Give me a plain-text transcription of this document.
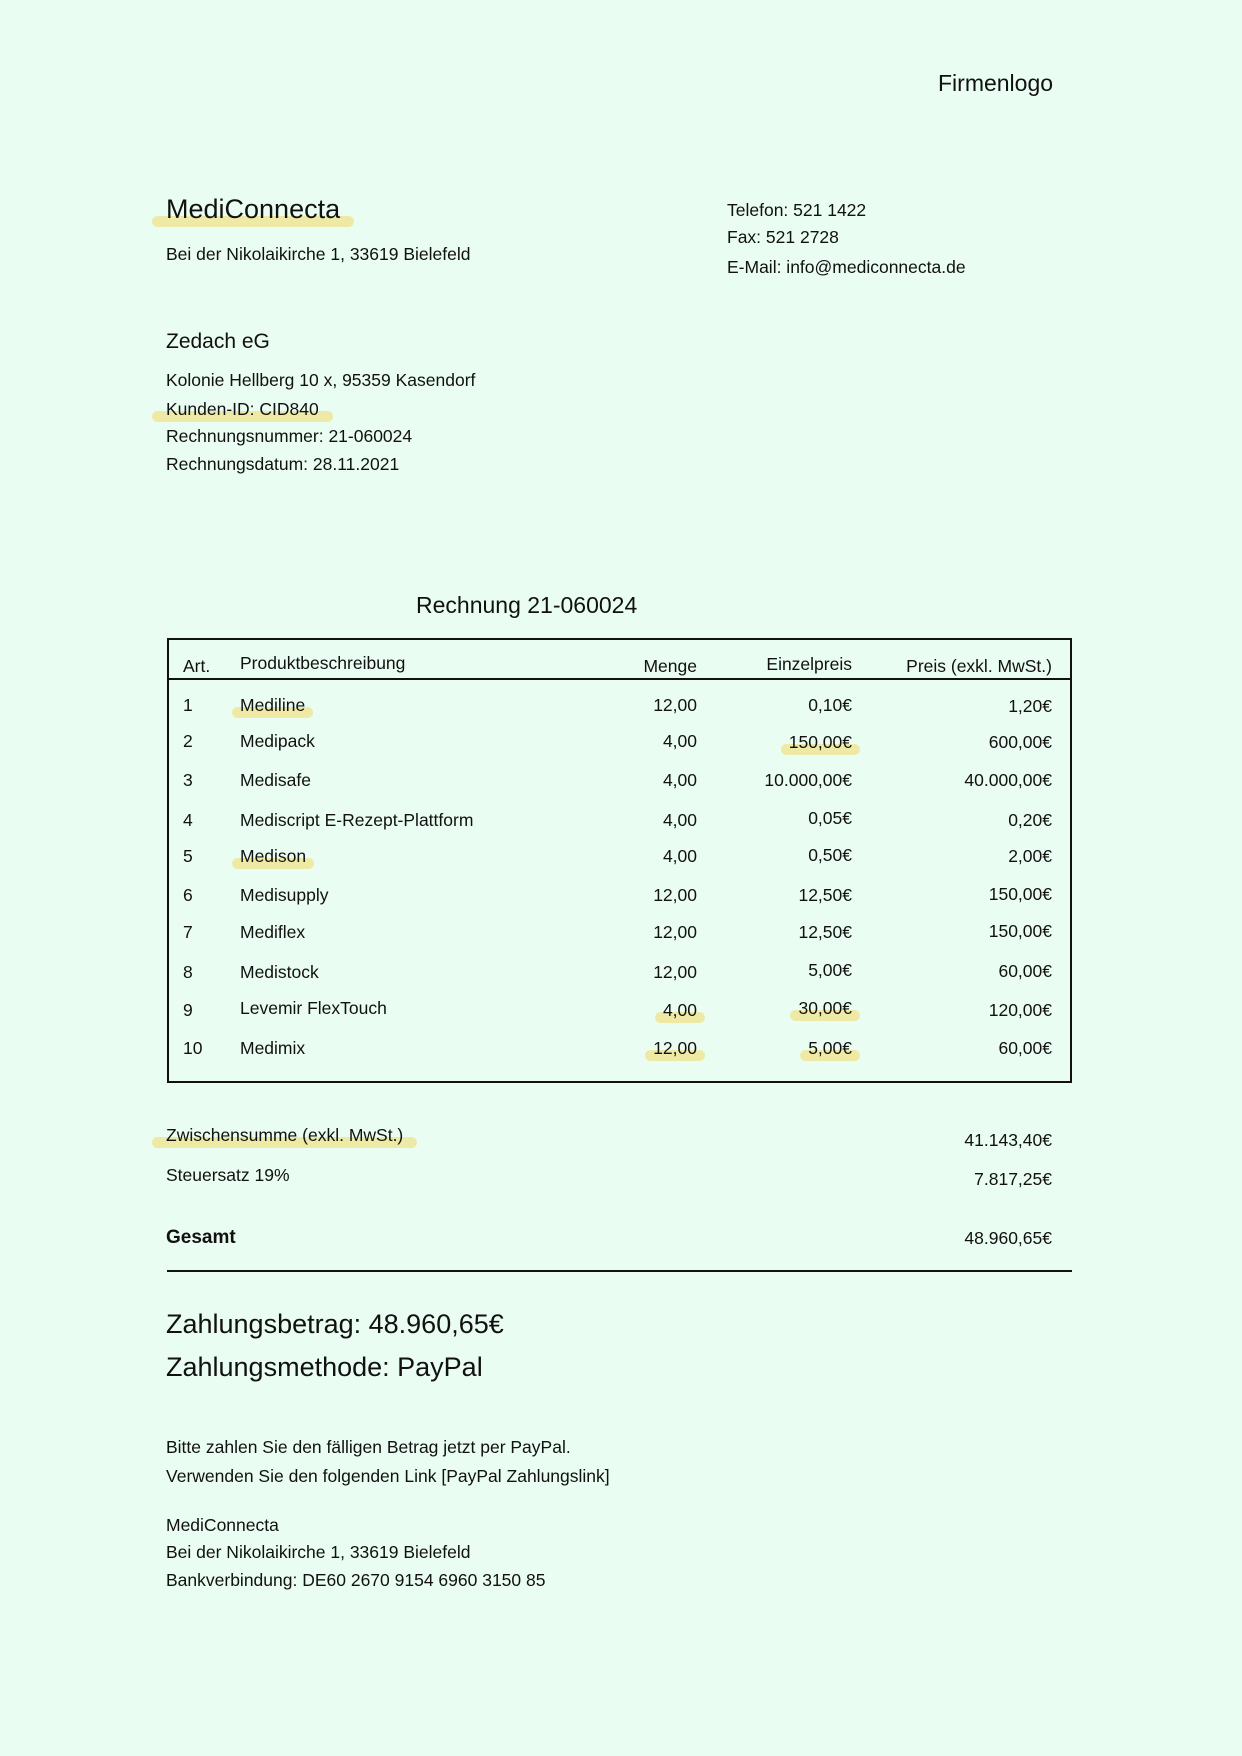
Firmenlogo
MediConnecta
Bei der Nikolaikirche 1, 33619 Bielefeld
Telefon: 521 1422
Fax: 521 2728
E-Mail: info@mediconnecta.de
Zedach eG
Kolonie Hellberg 10 x, 95359 Kasendorf
Kunden-ID: CID840
Rechnungsnummer: 21-060024
Rechnungsdatum: 28.11.2021
Rechnung 21-060024
Art. Produktbeschreibung	Menge	Einzelpreis	Preis (exkl. MwSt.)
1	Mediline	12,00	0,10€	1,20€
2	Medipack	4,00	150,00€	600,00€
3	Medisafe	4,00	10.000,00€	40.000,00€
4	Mediscript E-Rezept-Plattform	4,00	0,05€	0,20€
5	Medison	4,00	0,50€	2,00€
6	Medisupply	12,00	12,50€	150,00€
7	Mediflex	12,00	12,50€	150,00€
8	Medistock	12,00	5,00€	60,00€
9	Levemir FlexTouch	4,00	30,00€	120,00€
10 Medimix	12,00	5,00€	60,00€
Zwischensumme (exkl. MwSt.)	41.143,40€
Steuersatz 19%	7.817,25€
Gesamt	48.960,65€
Zahlungsbetrag: 48.960,65€
Zahlungsmethode: PayPal
Bitte zahlen Sie den fälligen Betrag jetzt per PayPal.
Verwenden Sie den folgenden Link [PayPal Zahlungslink]
MediConnecta
Bei der Nikolaikirche 1, 33619 Bielefeld
Bankverbindung: DE60 2670 9154 6960 3150 85
